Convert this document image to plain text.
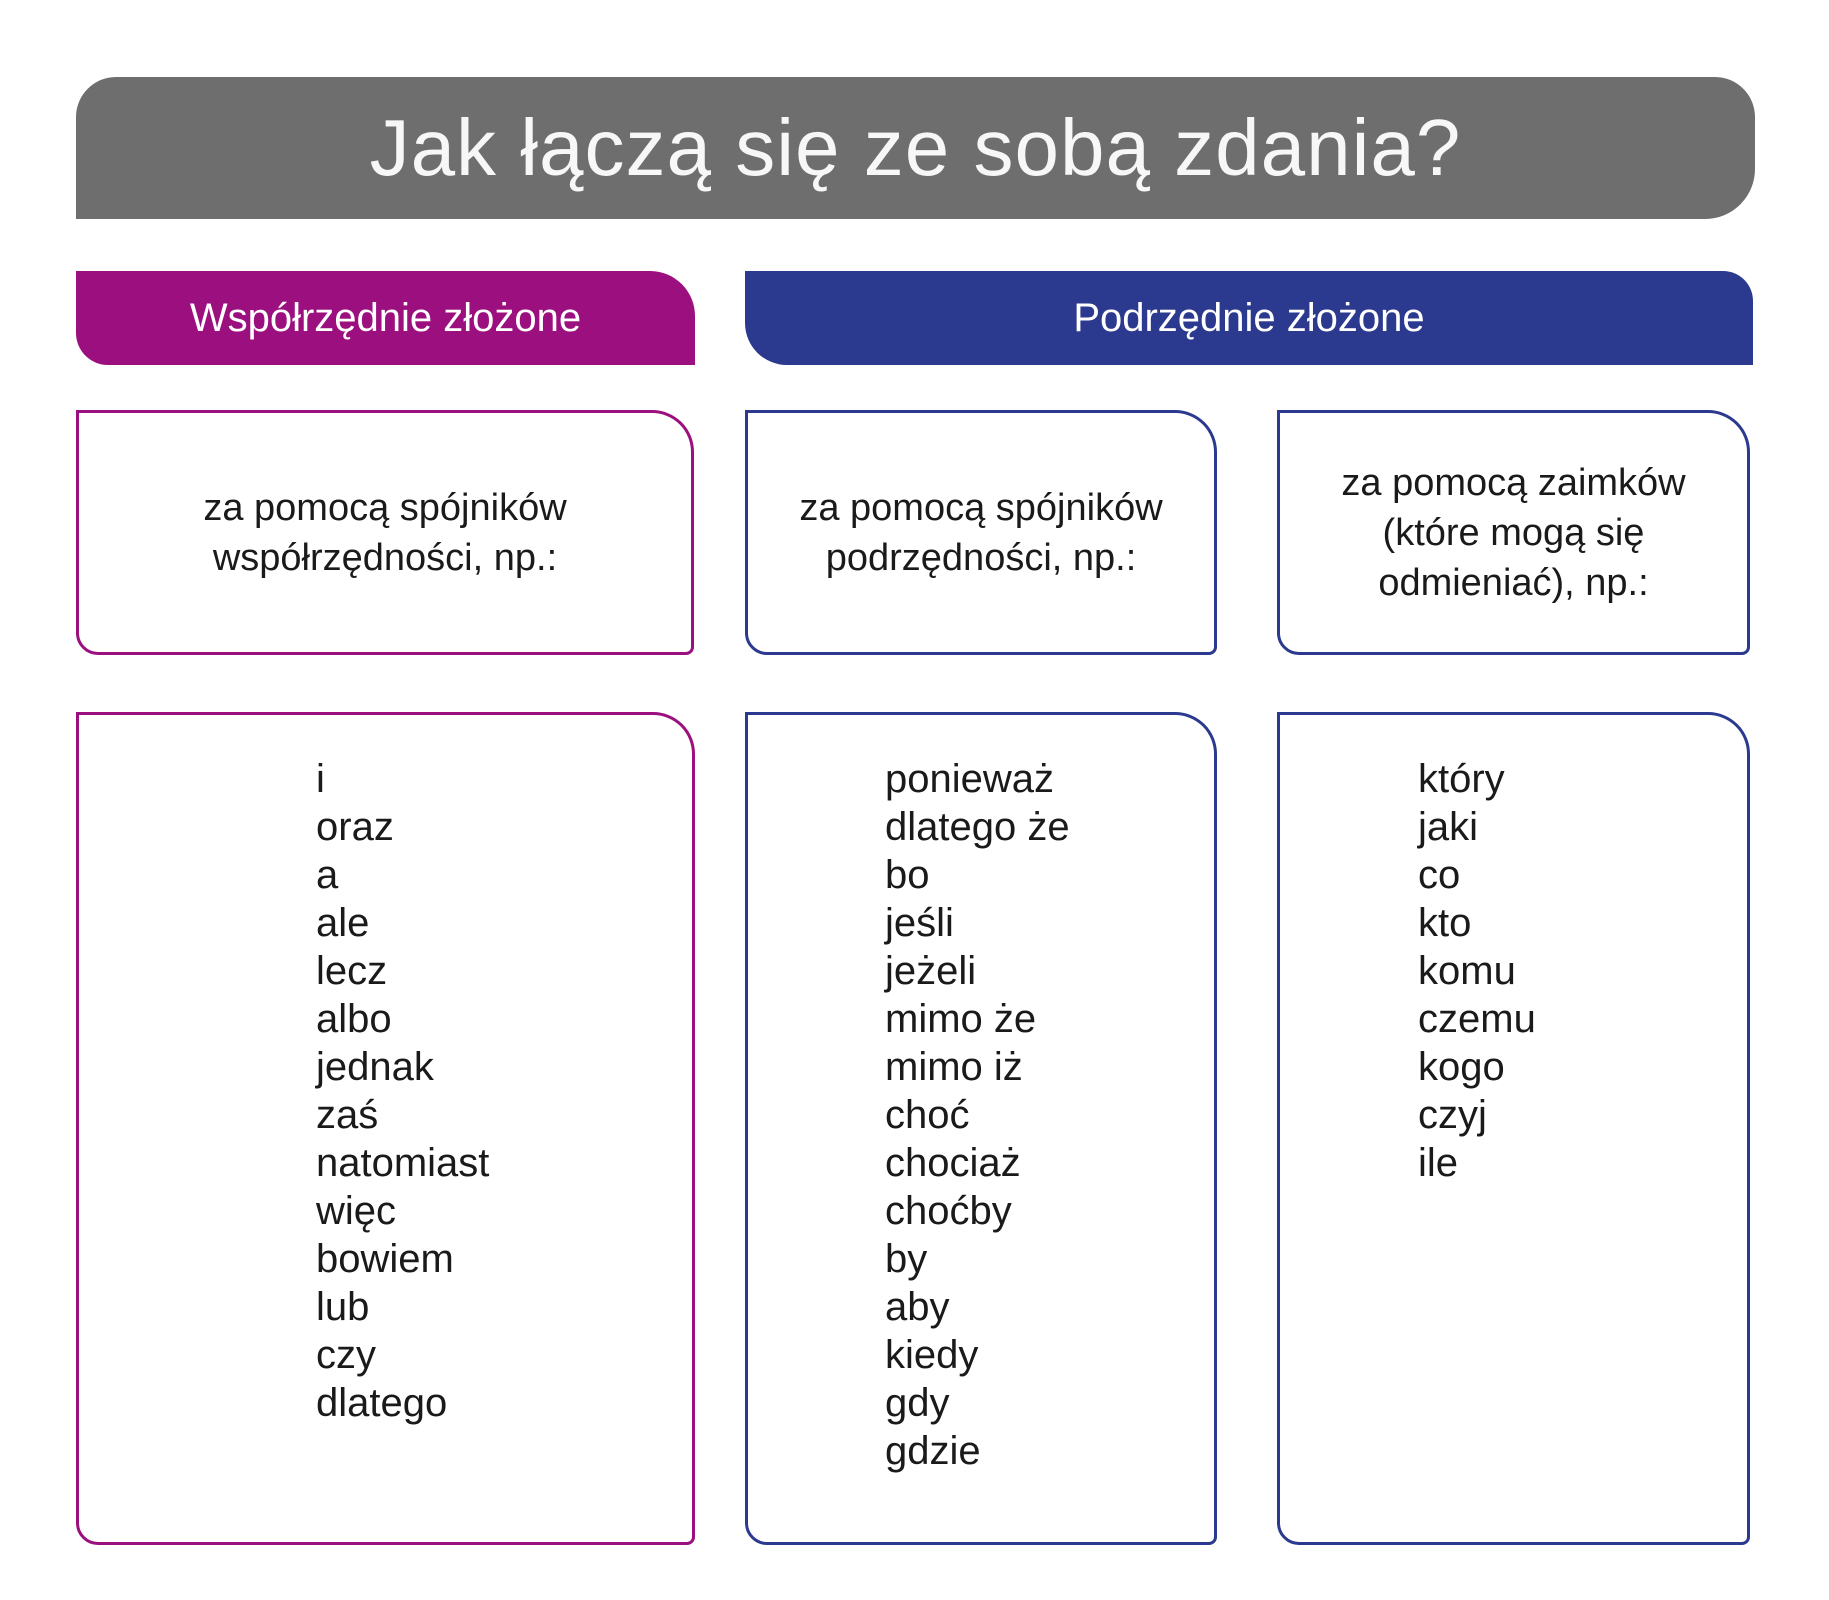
Jak łączą się ze sobą zdania?
Współrzędnie złożone	Podrzędnie złożone
za pomocą spójników
współrzędności, np.:
za pomocą spójników
podrzędności, np.:
za pomocą zaimków
(które mogą się
odmieniać), np.:
i
oraz
a
ale
lecz
albo
jednak
zaś
natomiast
więc
bowiem
lub
czy
dlatego
ponieważ
dlatego że
bo
jeśli
jeżeli
mimo że
mimo iż
choć
chociaż
choćby
by
aby
kiedy
gdy
gdzie
który
jaki
co
kto
komu
czemu
kogo
czyj
ile
